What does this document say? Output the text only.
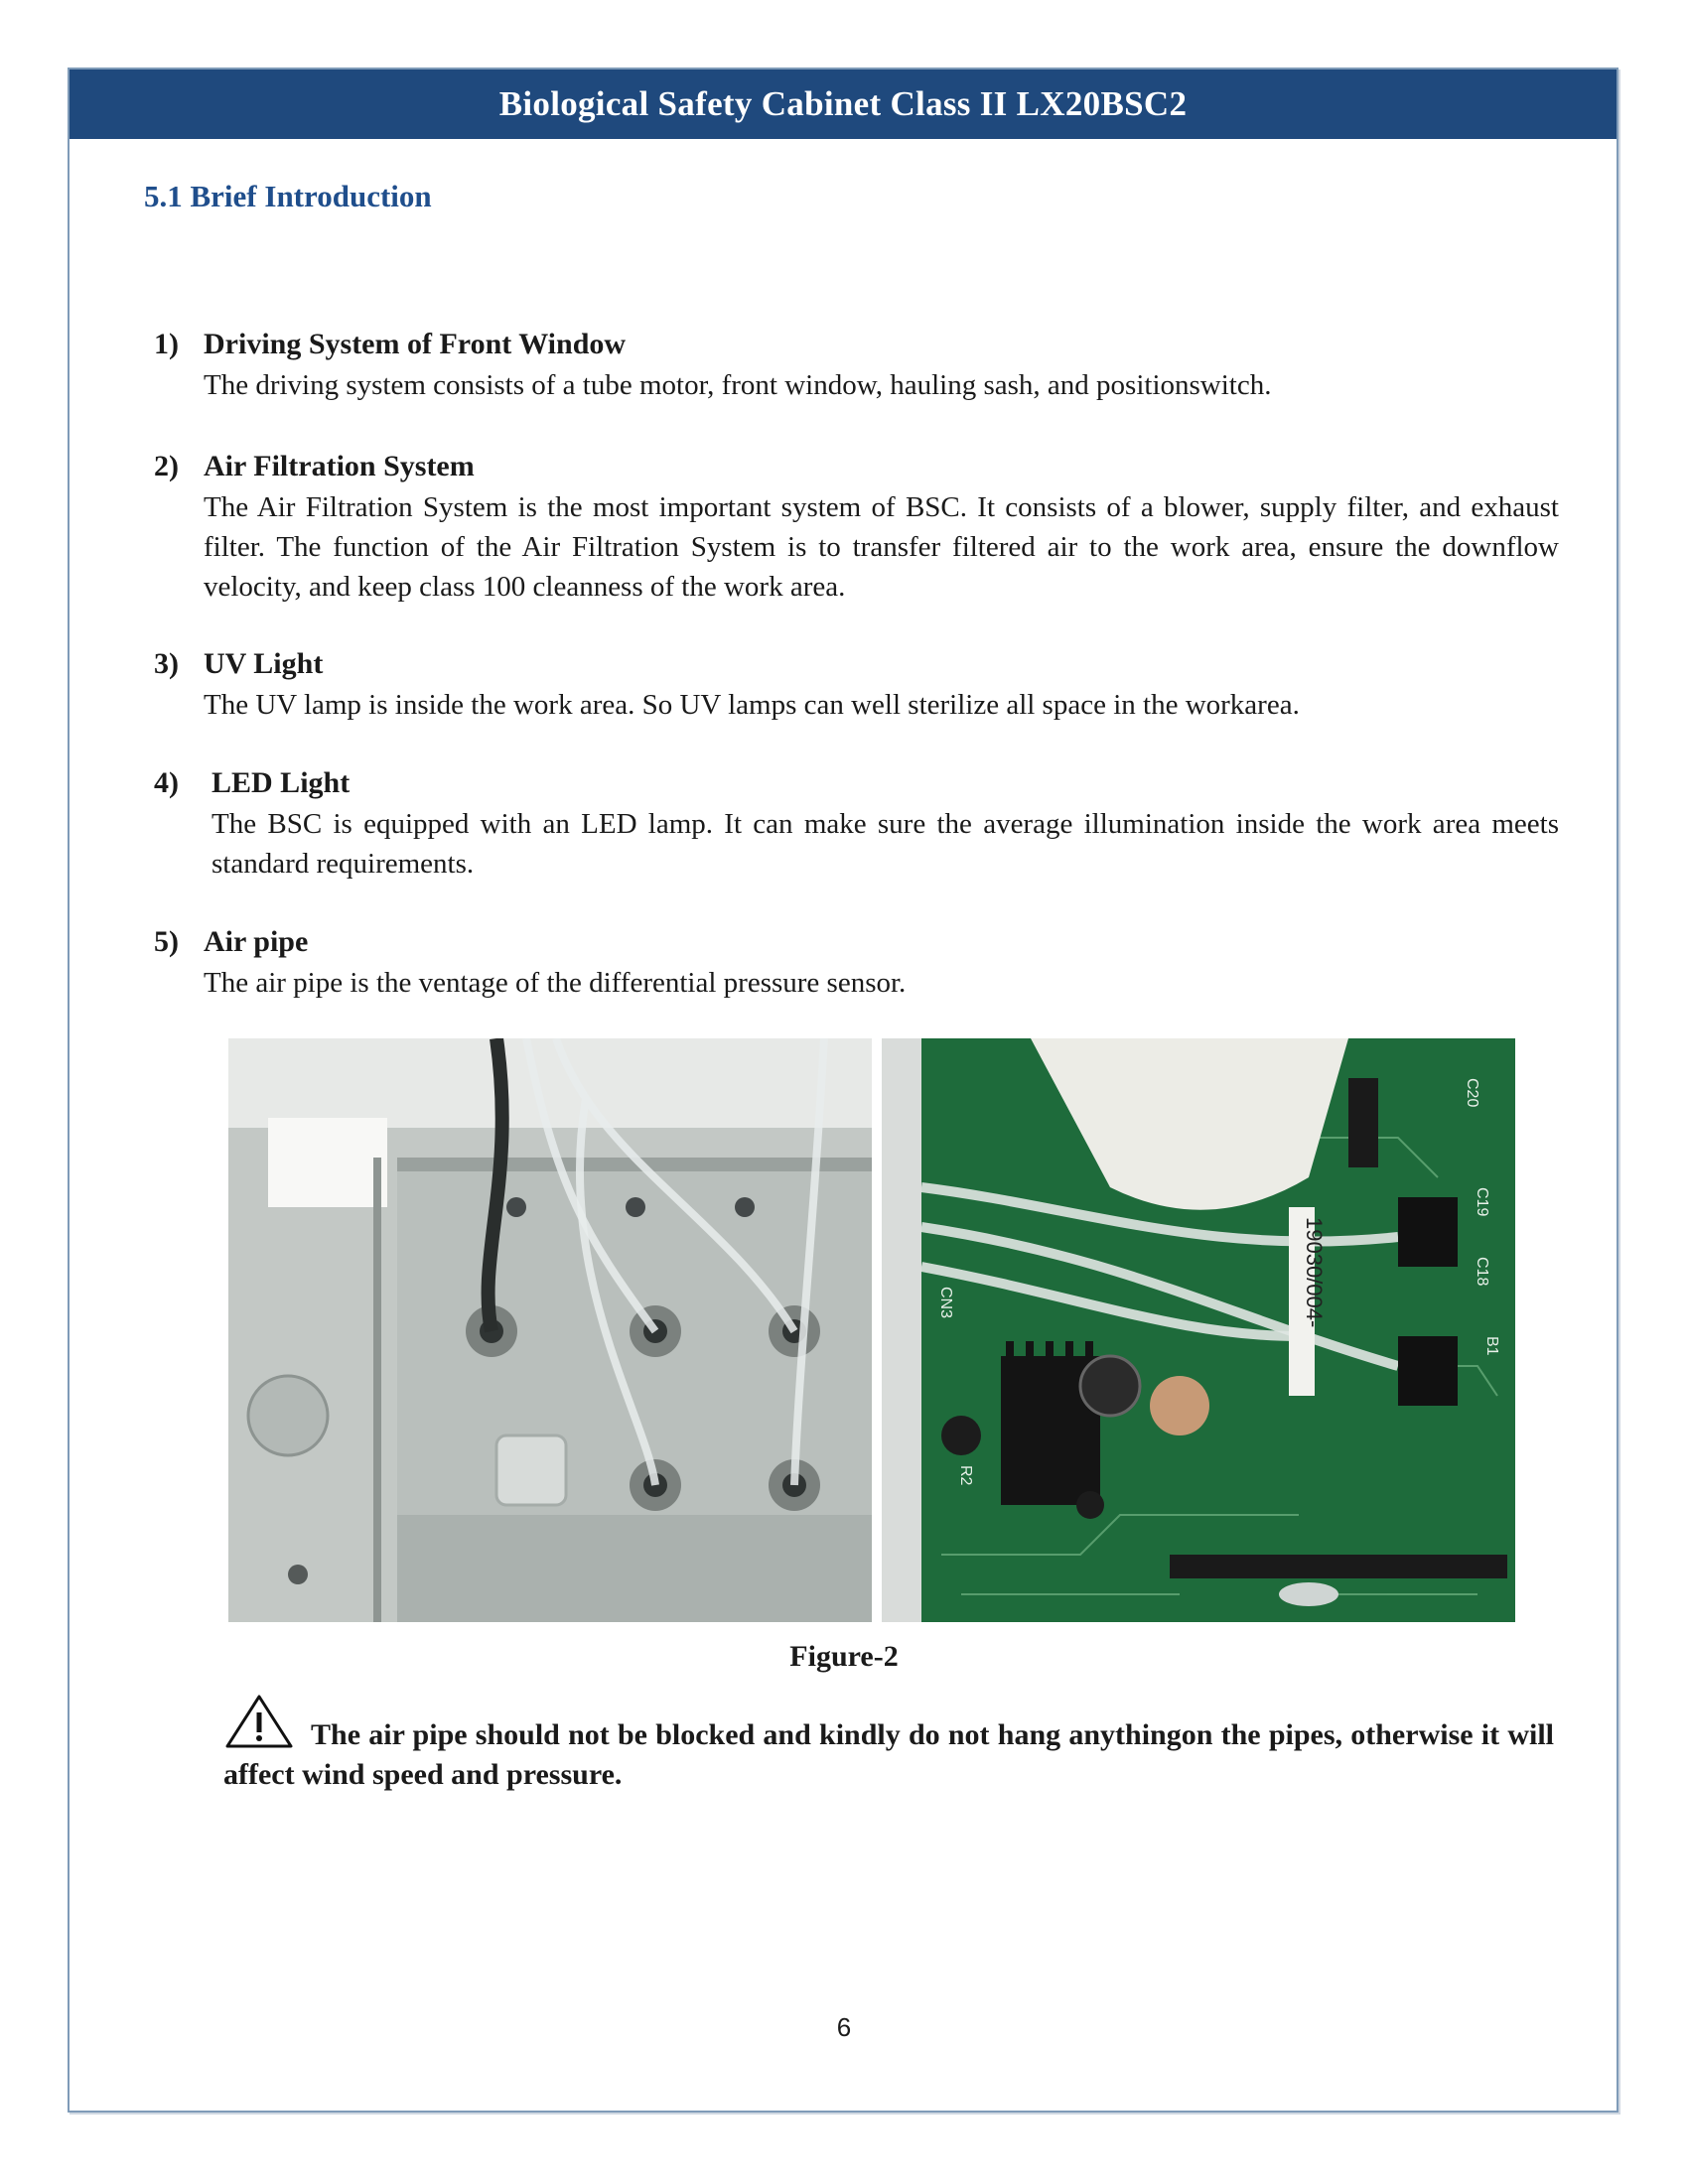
Biological Safety Cabinet Class II LX20BSC2
5.1 Brief Introduction
1) Driving System of Front Window
The driving system consists of a tube motor, front window, hauling sash, and positionswitch.
2) Air Filtration System
The Air Filtration System is the most important system of BSC. It consists of a blower, supply filter, and exhaust filter. The function of the Air Filtration System is to transfer filtered air to the work area, ensure the downflow velocity, and keep class 100 cleanness of the work area.
3) UV Light
The UV lamp is inside the work area. So UV lamps can well sterilize all space in the workarea.
4) LED Light
The BSC is equipped with an LED lamp. It can make sure the average illumination inside the work area meets standard requirements.
5) Air pipe
The air pipe is the ventage of the differential pressure sensor.
19030/004-
C20
CN3
C18
C19
B1
R2
Figure-2
The air pipe should not be blocked and kindly do not hang anythingon the pipes, otherwise it will affect wind speed and pressure.
6
